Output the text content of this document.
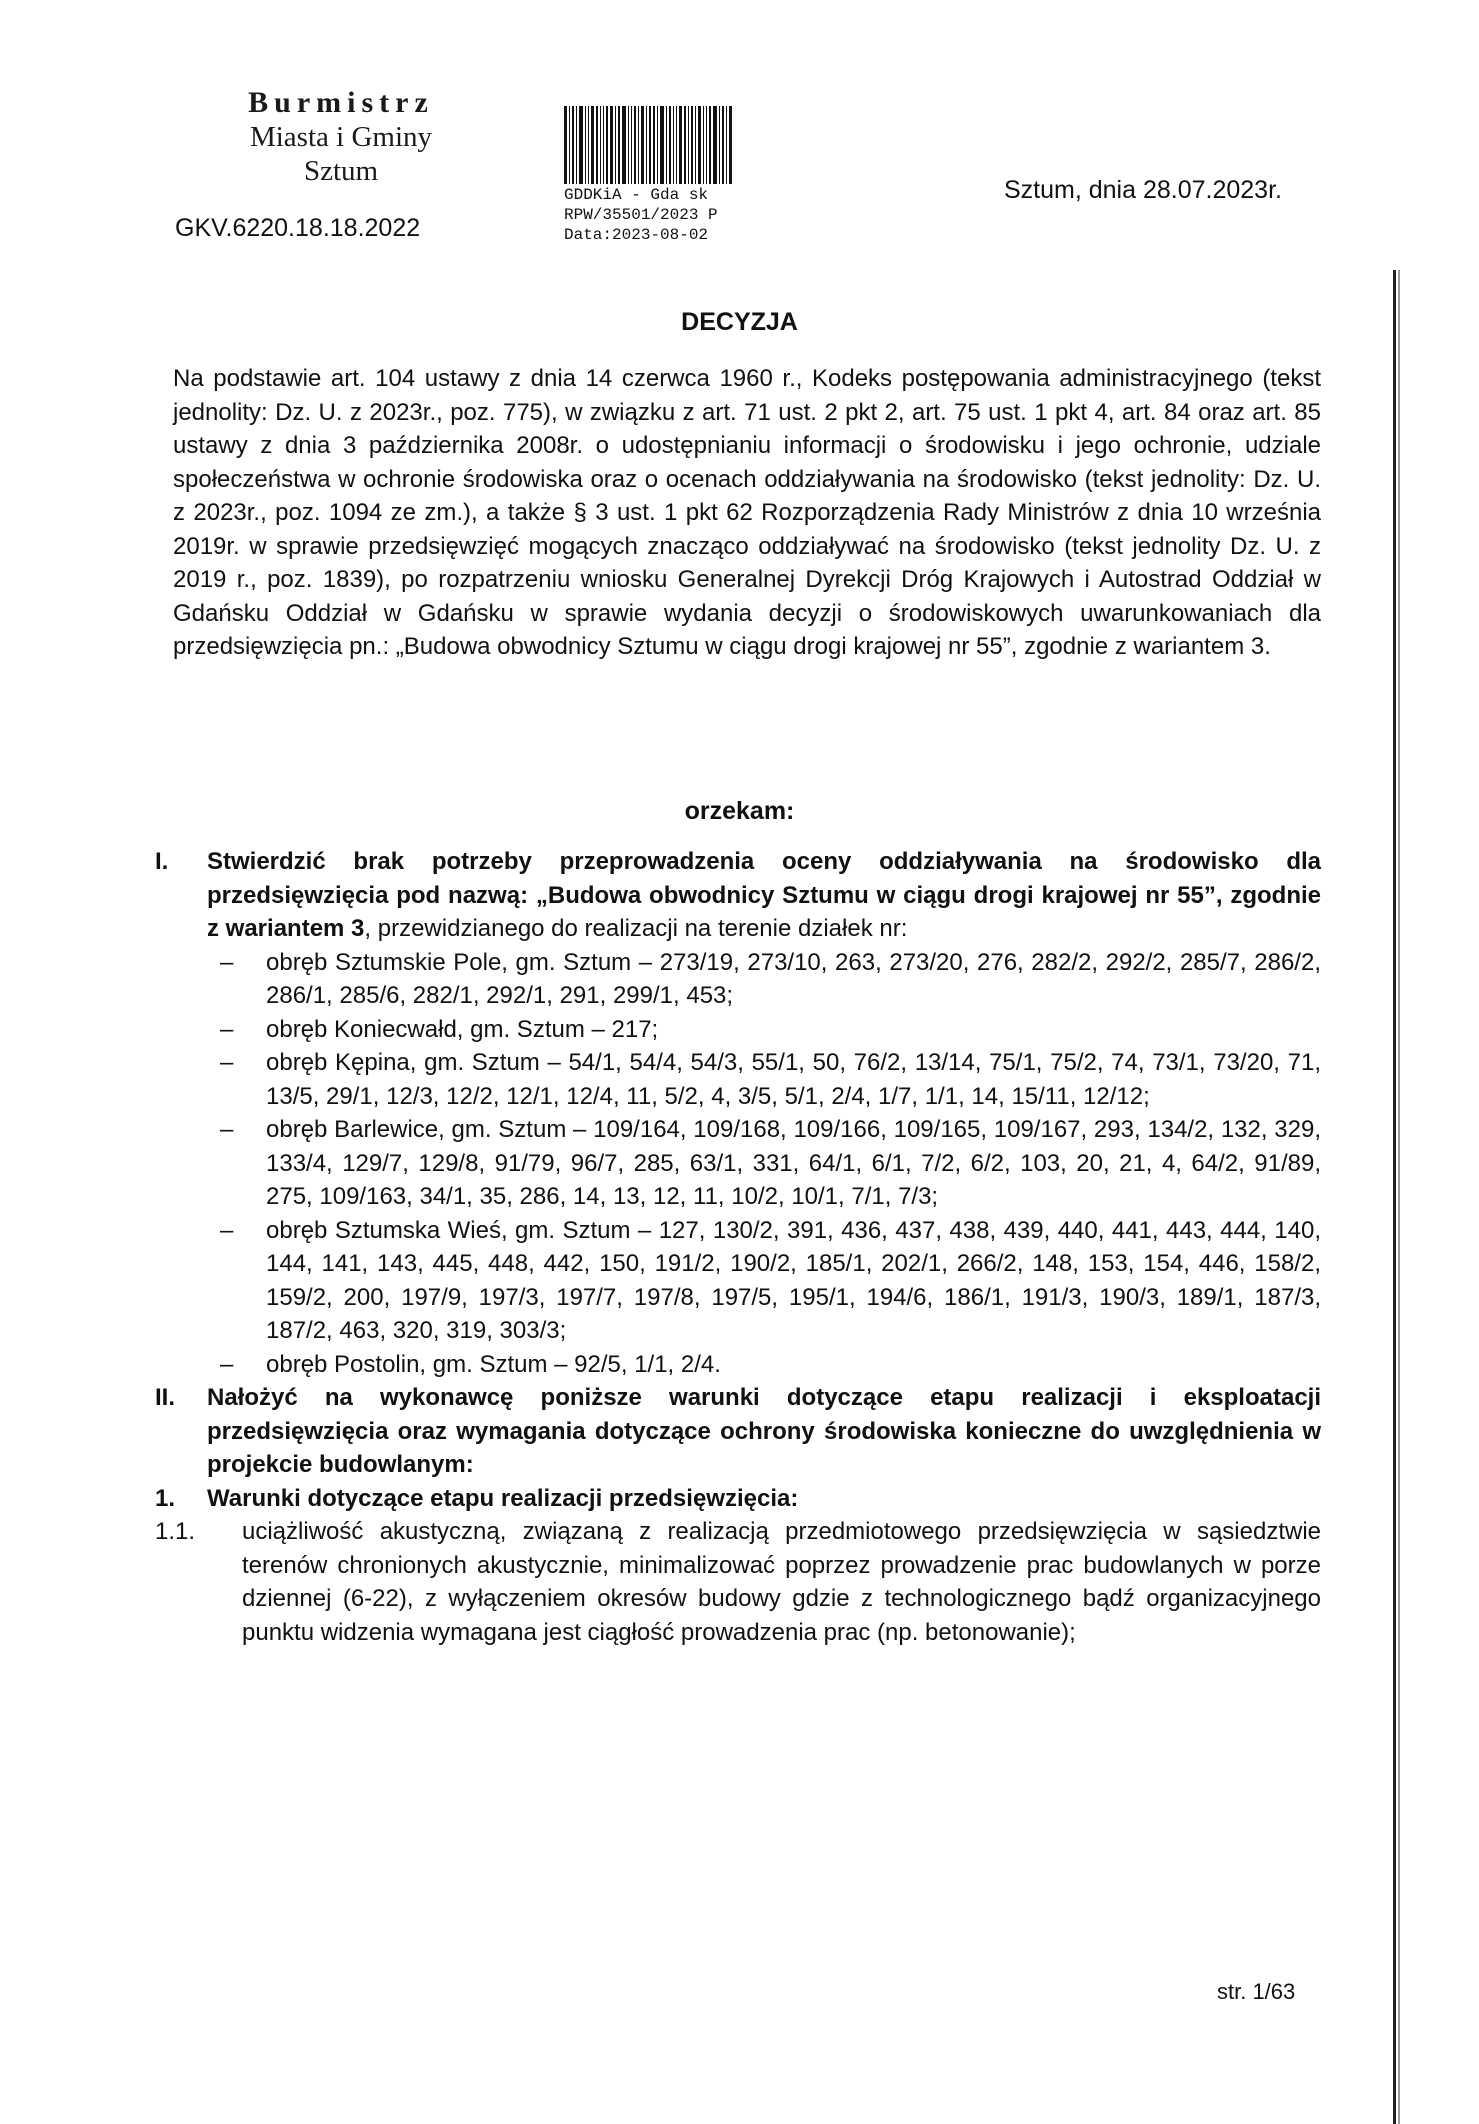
Burmistrz
Miasta i Gminy
Sztum
GKV.6220.18.18.2022
GDDKiA - Gda sk
RPW/35501/2023 P
Data:2023-08-02
Sztum, dnia 28.07.2023r.
DECYZJA

Na podstawie art. 104 ustawy z dnia 14 czerwca 1960 r., Kodeks postępowania administracyjnego (tekst jednolity: Dz. U. z 2023r., poz. 775), w związku z art. 71 ust. 2 pkt 2, art. 75 ust. 1 pkt 4, art. 84 oraz art. 85 ustawy z dnia 3 października 2008r. o udostępnianiu informacji o środowisku i jego ochronie, udziale społeczeństwa w ochronie środowiska oraz o ocenach oddziaływania na środowisko (tekst jednolity: Dz. U. z 2023r., poz. 1094 ze zm.), a także § 3 ust. 1 pkt 62 Rozporządzenia Rady Ministrów z dnia 10 września 2019r. w sprawie przedsięwzięć mogących znacząco oddziaływać na środowisko (tekst jednolity Dz. U. z 2019 r., poz. 1839), po rozpatrzeniu wniosku Generalnej Dyrekcji Dróg Krajowych i Autostrad Oddział w Gdańsku Oddział w Gdańsku w sprawie wydania decyzji o środowiskowych uwarunkowaniach dla przedsięwzięcia pn.: „Budowa obwodnicy Sztumu w ciągu drogi krajowej nr 55”, zgodnie z wariantem 3.

orzekam:
I.	Stwierdzić brak potrzeby przeprowadzenia oceny oddziaływania na środowisko dla przedsięwzięcia pod nazwą: „Budowa obwodnicy Sztumu w ciągu drogi krajowej nr 55”, zgodnie z wariantem 3, przewidzianego do realizacji na terenie działek nr:
–	obręb Sztumskie Pole, gm. Sztum – 273/19, 273/10, 263, 273/20, 276, 282/2, 292/2, 285/7, 286/2, 286/1, 285/6, 282/1, 292/1, 291, 299/1, 453;
–	obręb Koniecwałd, gm. Sztum – 217;
–	obręb Kępina, gm. Sztum – 54/1, 54/4, 54/3, 55/1, 50, 76/2, 13/14, 75/1, 75/2, 74, 73/1, 73/20, 71, 13/5, 29/1, 12/3, 12/2, 12/1, 12/4, 11, 5/2, 4, 3/5, 5/1, 2/4, 1/7, 1/1, 14, 15/11, 12/12;
–	obręb Barlewice, gm. Sztum – 109/164, 109/168, 109/166, 109/165, 109/167, 293, 134/2, 132, 329, 133/4, 129/7, 129/8, 91/79, 96/7, 285, 63/1, 331, 64/1, 6/1, 7/2, 6/2, 103, 20, 21, 4, 64/2, 91/89, 275, 109/163, 34/1, 35, 286, 14, 13, 12, 11, 10/2, 10/1, 7/1, 7/3;
–	obręb Sztumska Wieś, gm. Sztum – 127, 130/2, 391, 436, 437, 438, 439, 440, 441, 443, 444, 140, 144, 141, 143, 445, 448, 442, 150, 191/2, 190/2, 185/1, 202/1, 266/2, 148, 153, 154, 446, 158/2, 159/2, 200, 197/9, 197/3, 197/7, 197/8, 197/5, 195/1, 194/6, 186/1, 191/3, 190/3, 189/1, 187/3, 187/2, 463, 320, 319, 303/3;
–	obręb Postolin, gm. Sztum – 92/5, 1/1, 2/4.
II.	Nałożyć na wykonawcę poniższe warunki dotyczące etapu realizacji i eksploatacji przedsięwzięcia oraz wymagania dotyczące ochrony środowiska konieczne do uwzględnienia w projekcie budowlanym:
1.	Warunki dotyczące etapu realizacji przedsięwzięcia:
1.1.	uciążliwość akustyczną, związaną z realizacją przedmiotowego przedsięwzięcia w sąsiedztwie terenów chronionych akustycznie, minimalizować poprzez prowadzenie prac budowlanych w porze dziennej (6-22), z wyłączeniem okresów budowy gdzie z technologicznego bądź organizacyjnego punktu widzenia wymagana jest ciągłość prowadzenia prac (np. betonowanie);
str. 1/63
